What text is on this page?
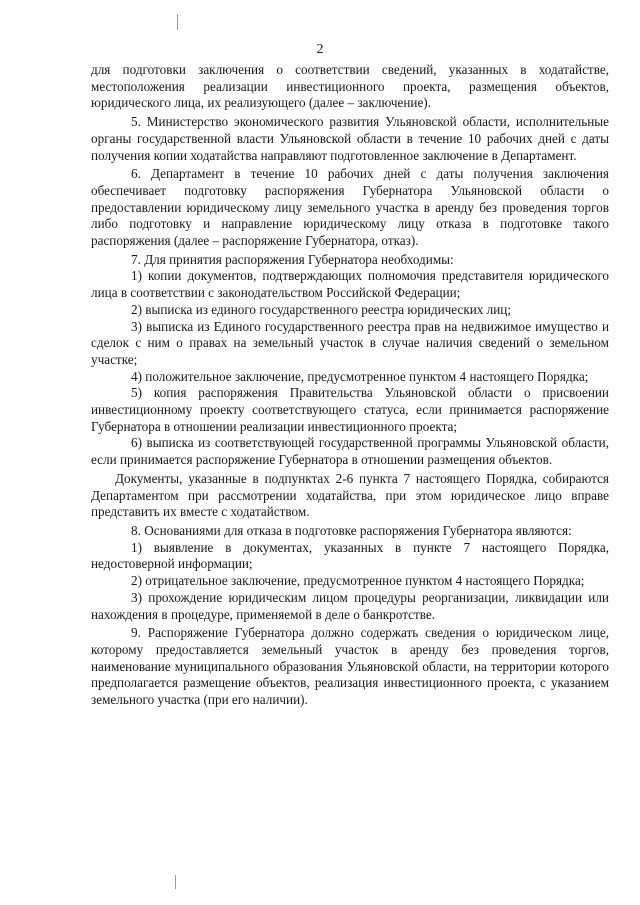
2

для подготовки заключения о соответствии сведений, указанных в ходатайстве, местоположения реализации инвестиционного проекта, размещения объектов, юридического лица, их реализующего (далее – заключение).

5. Министерство экономического развития Ульяновской области, исполнительные органы государственной власти Ульяновской области в течение 10 рабочих дней с даты получения копии ходатайства направляют подготовленное заключение в Департамент.

6. Департамент в течение 10 рабочих дней с даты получения заключения обеспечивает подготовку распоряжения Губернатора Ульяновской области о предоставлении юридическому лицу земельного участка в аренду без проведения торгов либо подготовку и направление юридическому лицу отказа в подготовке такого распоряжения (далее – распоряжение Губернатора, отказ).

7. Для принятия распоряжения Губернатора необходимы:

1) копии документов, подтверждающих полномочия представителя юридического лица в соответствии с законодательством Российской Федерации;

2) выписка из единого государственного реестра юридических лиц;

3) выписка из Единого государственного реестра прав на недвижимое имущество и сделок с ним о правах на земельный участок в случае наличия сведений о земельном участке;

4) положительное заключение, предусмотренное пунктом 4 настоящего Порядка;

5) копия распоряжения Правительства Ульяновской области о присвоении инвестиционному проекту соответствующего статуса, если принимается распоряжение Губернатора в отношении реализации инвестиционного проекта;

6) выписка из соответствующей государственной программы Ульяновской области, если принимается распоряжение Губернатора в отношении размещения объектов.

Документы, указанные в подпунктах 2-6 пункта 7 настоящего Порядка, собираются Департаментом при рассмотрении ходатайства, при этом юридическое лицо вправе представить их вместе с ходатайством.

8. Основаниями для отказа в подготовке распоряжения Губернатора являются:

1) выявление в документах, указанных в пункте 7 настоящего Порядка, недостоверной информации;

2) отрицательное заключение, предусмотренное пунктом 4 настоящего Порядка;

3) прохождение юридическим лицом процедуры реорганизации, ликвидации или нахождения в процедуре, применяемой в деле о банкротстве.

9. Распоряжение Губернатора должно содержать сведения о юридическом лице, которому предоставляется земельный участок в аренду без проведения торгов, наименование муниципального образования Ульяновской области, на территории которого предполагается размещение объектов, реализация инвестиционного проекта, с указанием земельного участка (при его наличии).
